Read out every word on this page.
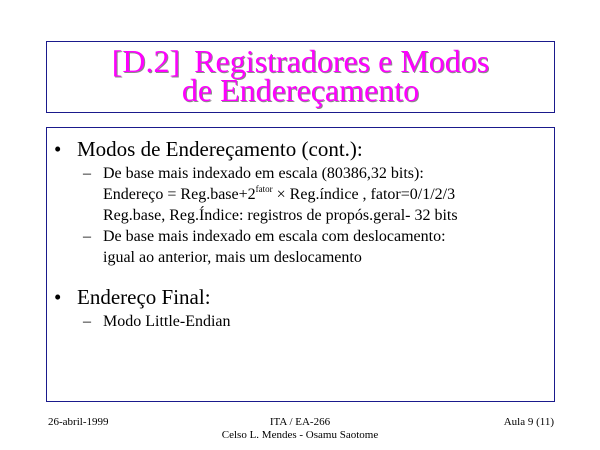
[D.2] Registradores e Modos
de Endereçamento
• Modos de Endereçamento (cont.):
– De base mais indexado em escala (80386,32 bits):
Endereço = $Reg.base+2^{fator}$ × Reg.índice , fator=0/1/2/3
Reg.base, Reg.Índice: registros de propós.geral- 32 bits
– De base mais indexado em escala com deslocamento:
igual ao anterior, mais um deslocamento
• Endereço Final:
– Modo Little-Endian
26-abril-1999	ITA / EA-266
Celso L. Mendes - Osamu Saotome
Aula 9 (11)
